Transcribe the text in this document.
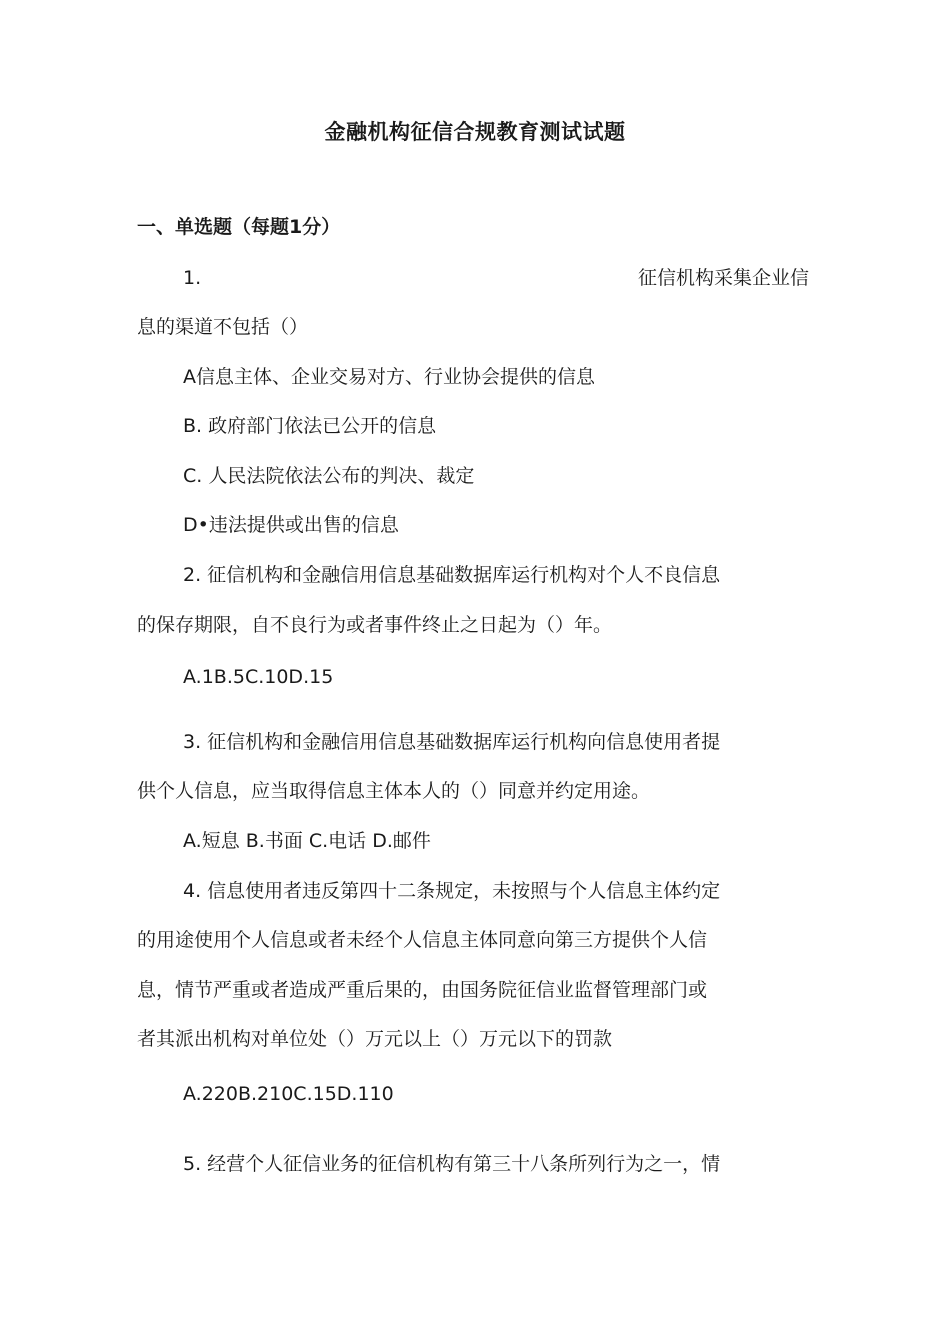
金融机构征信合规教育测试试题
一、单选题（每题1分）
1.	征信机构采集企业信
息的渠道不包括（）
A信息主体、企业交易对方、行业协会提供的信息
B. 政府部门依法已公开的信息
C. 人民法院依法公布的判决、裁定
D•违法提供或出售的信息
2. 征信机构和金融信用信息基础数据库运行机构对个人不良信息
的保存期限，自不良行为或者事件终止之日起为（）年。
A.1B.5C.10D.15
3. 征信机构和金融信用信息基础数据库运行机构向信息使用者提
供个人信息，应当取得信息主体本人的（）同意并约定用途。
A.短息 B.书面 C.电话 D.邮件
4. 信息使用者违反第四十二条规定，未按照与个人信息主体约定
的用途使用个人信息或者未经个人信息主体同意向第三方提供个人信
息，情节严重或者造成严重后果的，由国务院征信业监督管理部门或
者其派出机构对单位处（）万元以上（）万元以下的罚款
A.220B.210C.15D.110
5. 经营个人征信业务的征信机构有第三十八条所列行为之一，情
